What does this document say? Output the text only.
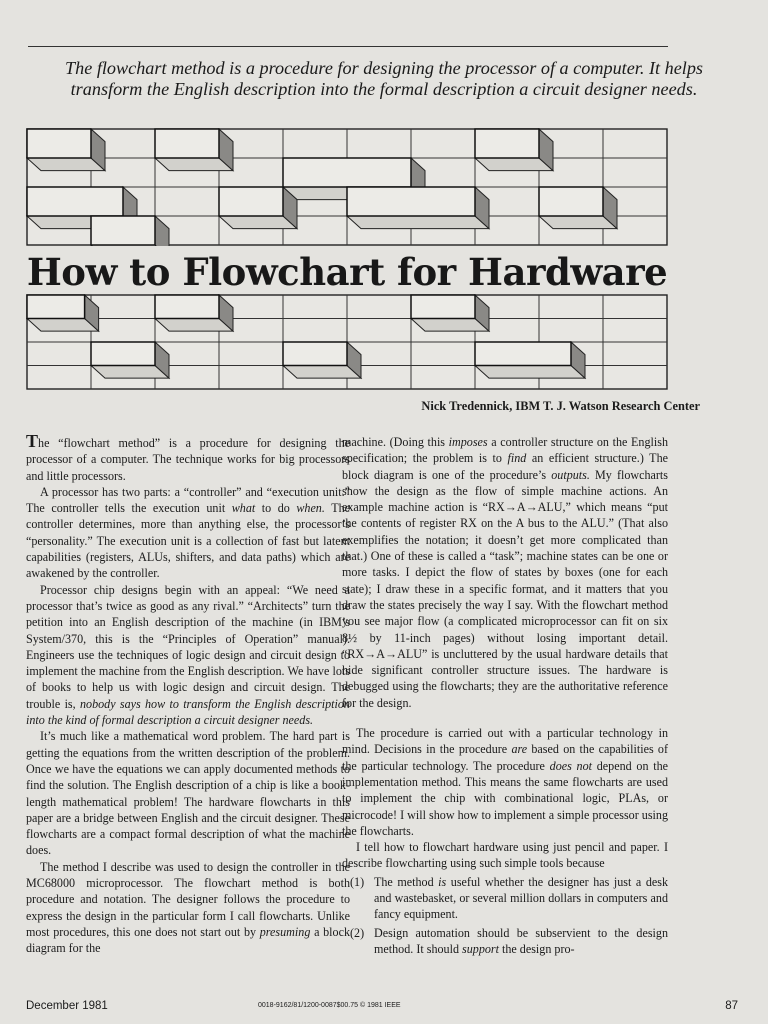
The flowchart method is a procedure for designing the processor of a computer. It helps transform the English description into the formal description a circuit designer needs.
How to Flowchart for Hardware
Nick Tredennick, IBM T. J. Watson Research Center

The “flowchart method” is a procedure for designing the processor of a computer. The technique works for big processors and little processors.

A processor has two parts: a “controller” and “execution unit.” The controller tells the execution unit what to do when. The controller determines, more than anything else, the processor’s “personality.” The execution unit is a collection of fast but latent capabilities (registers, ALUs, shifters, and data paths) which are awakened by the controller.

Processor chip designs begin with an appeal: “We need a processor that’s twice as good as any rival.” “Architects” turn the petition into an English description of the machine (in IBM’s System/370, this is the “Principles of Operation” manual). Engineers use the techniques of logic design and circuit design to implement the machine from the English description. We have lots of books to help us with logic design and circuit design. The trouble is, nobody says how to transform the English description into the kind of formal description a circuit designer needs.

It’s much like a mathematical word problem. The hard part is getting the equations from the written description of the problem. Once we have the equations we can apply documented methods to find the solution. The English description of a chip is like a book-length mathematical problem! The hardware flowcharts in this paper are a bridge between English and the circuit designer. These flowcharts are a compact formal description of what the machine does.

The method I describe was used to design the controller in the MC68000 microprocessor. The flowchart method is both procedure and notation. The designer follows the procedure to express the design in the particular form I call flowcharts. Unlike most procedures, this one does not start out by presuming a block diagram for the

machine. (Doing this imposes a controller structure on the English specification; the problem is to find an efficient structure.) The block diagram is one of the procedure’s outputs. My flowcharts show the design as the flow of simple machine actions. An example machine action is “RX→A→ALU,” which means “put the contents of register RX on the A bus to the ALU.” (That also exemplifies the notation; it doesn’t get more complicated than that.) One of these is called a “task”; machine states can be one or more tasks. I depict the flow of states by boxes (one for each state); I draw these in a specific format, and it matters that you draw the states precisely the way I say. With the flowchart method you see major flow (a complicated microprocessor can fit on six 8½ by 11-inch pages) without losing important detail. “RX→A→ALU” is uncluttered by the usual hardware details that hide significant controller structure issues. The hardware is debugged using the flowcharts; they are the authoritative reference for the design.

The procedure is carried out with a particular technology in mind. Decisions in the procedure are based on the capabilities of the particular technology. The procedure does not depend on the implementation method. This means the same flowcharts are used to implement the chip with combinational logic, PLAs, or microcode! I will show how to implement a simple processor using the flowcharts.

I tell how to flowchart hardware using just pencil and paper. I describe flowcharting using such simple tools because

(1) The method is useful whether the designer has just a desk and wastebasket, or several million dollars in computers and fancy equipment.
(2) Design automation should be subservient to the design method. It should support the design pro-
December 1981	0018-9162/81/1200-0087$00.75 © 1981 IEEE	87
